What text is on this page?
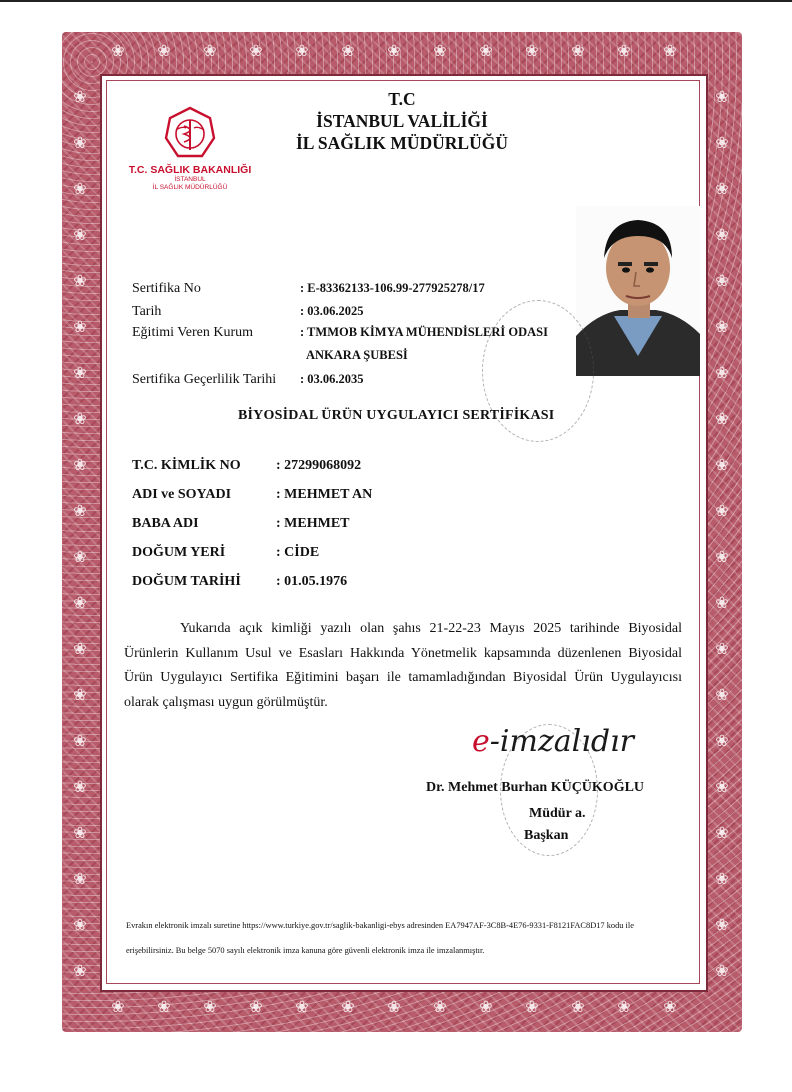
❀	❀
❀	❀
❀	❀
❀	❀
❀	❀
❀	❀
❀	❀
❀	❀
❀	❀
❀	❀
❀	❀
❀	❀
❀	❀
❀	❀
❀	❀
❀	❀
❀	❀
❀	❀
❀	❀
❀	❀
❀
❀
❀
❀
❀
❀
❀
❀
❀
❀
❀
❀
❀
❀
❀
❀
❀
❀
❀
❀
❀
❀
❀
❀
❀
❀
T.C. SAĞLIK BAKANLIĞI
İSTANBUL
İL SAĞLIK MÜDÜRLÜĞÜ
T.C
İSTANBUL VALİLİĞİ
İL SAĞLIK MÜDÜRLÜĞÜ
Sertifika No	: E-83362133-106.99-277925278/17
Tarih	: 03.06.2025
Eğitimi Veren Kurum	: TMMOB KİMYA MÜHENDİSLERİ ODASI
ANKARA ŞUBESİ
Sertifika Geçerlilik Tarihi : 03.06.2035
BİYOSİDAL ÜRÜN UYGULAYICI SERTİFİKASI
T.C. KİMLİK NO	: 27299068092
ADI ve SOYADI	: MEHMET AN
BABA ADI	: MEHMET
DOĞUM YERİ	: CİDE
DOĞUM TARİHİ	: 01.05.1976
Yukarıda açık kimliği yazılı olan şahıs 21-22-23 Mayıs 2025 tarihinde Biyosidal Ürünlerin Kullanım Usul ve Esasları Hakkında Yönetmelik kapsamında düzenlenen Biyosidal Ürün Uygulayıcı Sertifika Eğitimini başarı ile tamamladığından Biyosidal Ürün Uygulayıcısı olarak çalışması uygun görülmüştür.
e-imzalıdır
Dr. Mehmet Burhan KÜÇÜKOĞLU
Müdür a.
Başkan
Evrakın elektronik imzalı suretine https://www.turkiye.gov.tr/saglik-bakanligi-ebys adresinden EA7947AF-3C8B-4E76-9331-F8121FAC8D17 kodu ile
erişebilirsiniz. Bu belge 5070 sayılı elektronik imza kanuna göre güvenli elektronik imza ile imzalanmıştır.
